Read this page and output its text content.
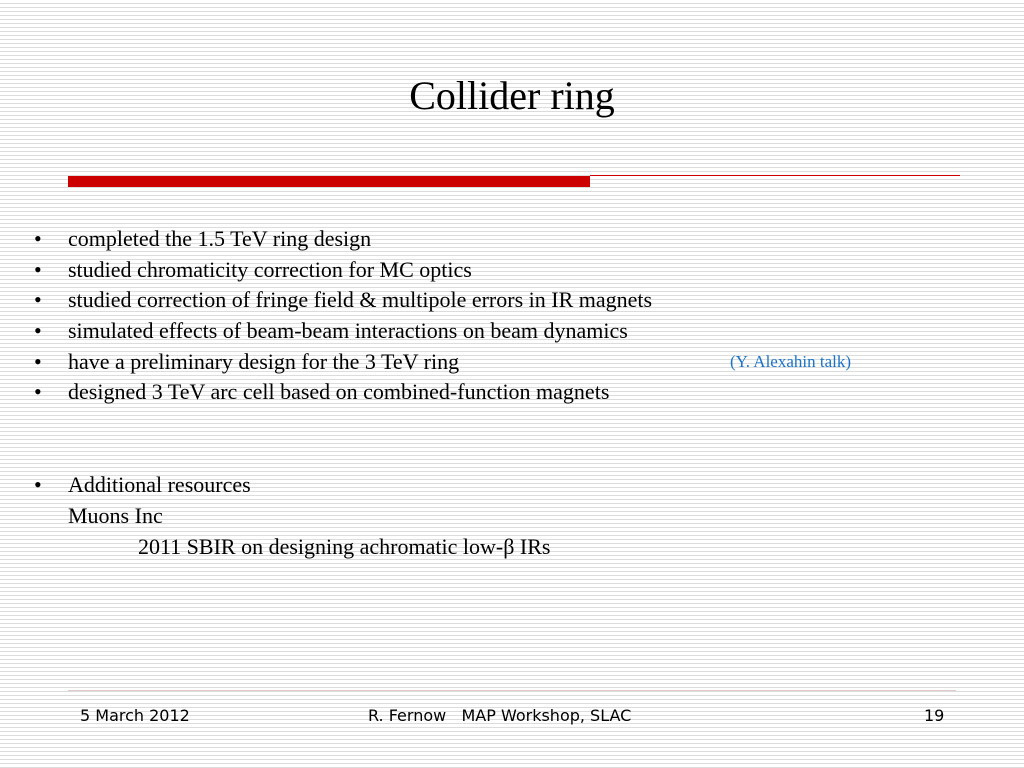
Collider ring
• completed the 1.5 TeV ring design
• studied chromaticity correction for MC optics
• studied correction of fringe field & multipole errors in IR magnets
• simulated effects of beam-beam interactions on beam dynamics
• have a preliminary design for the 3 TeV ring
• designed 3 TeV arc cell based on combined-function magnets
(Y. Alexahin talk)
• Additional resources
Muons Inc
2011 SBIR on designing achromatic low-β IRs
5 March 2012	R. Fernow   MAP Workshop, SLAC	19
